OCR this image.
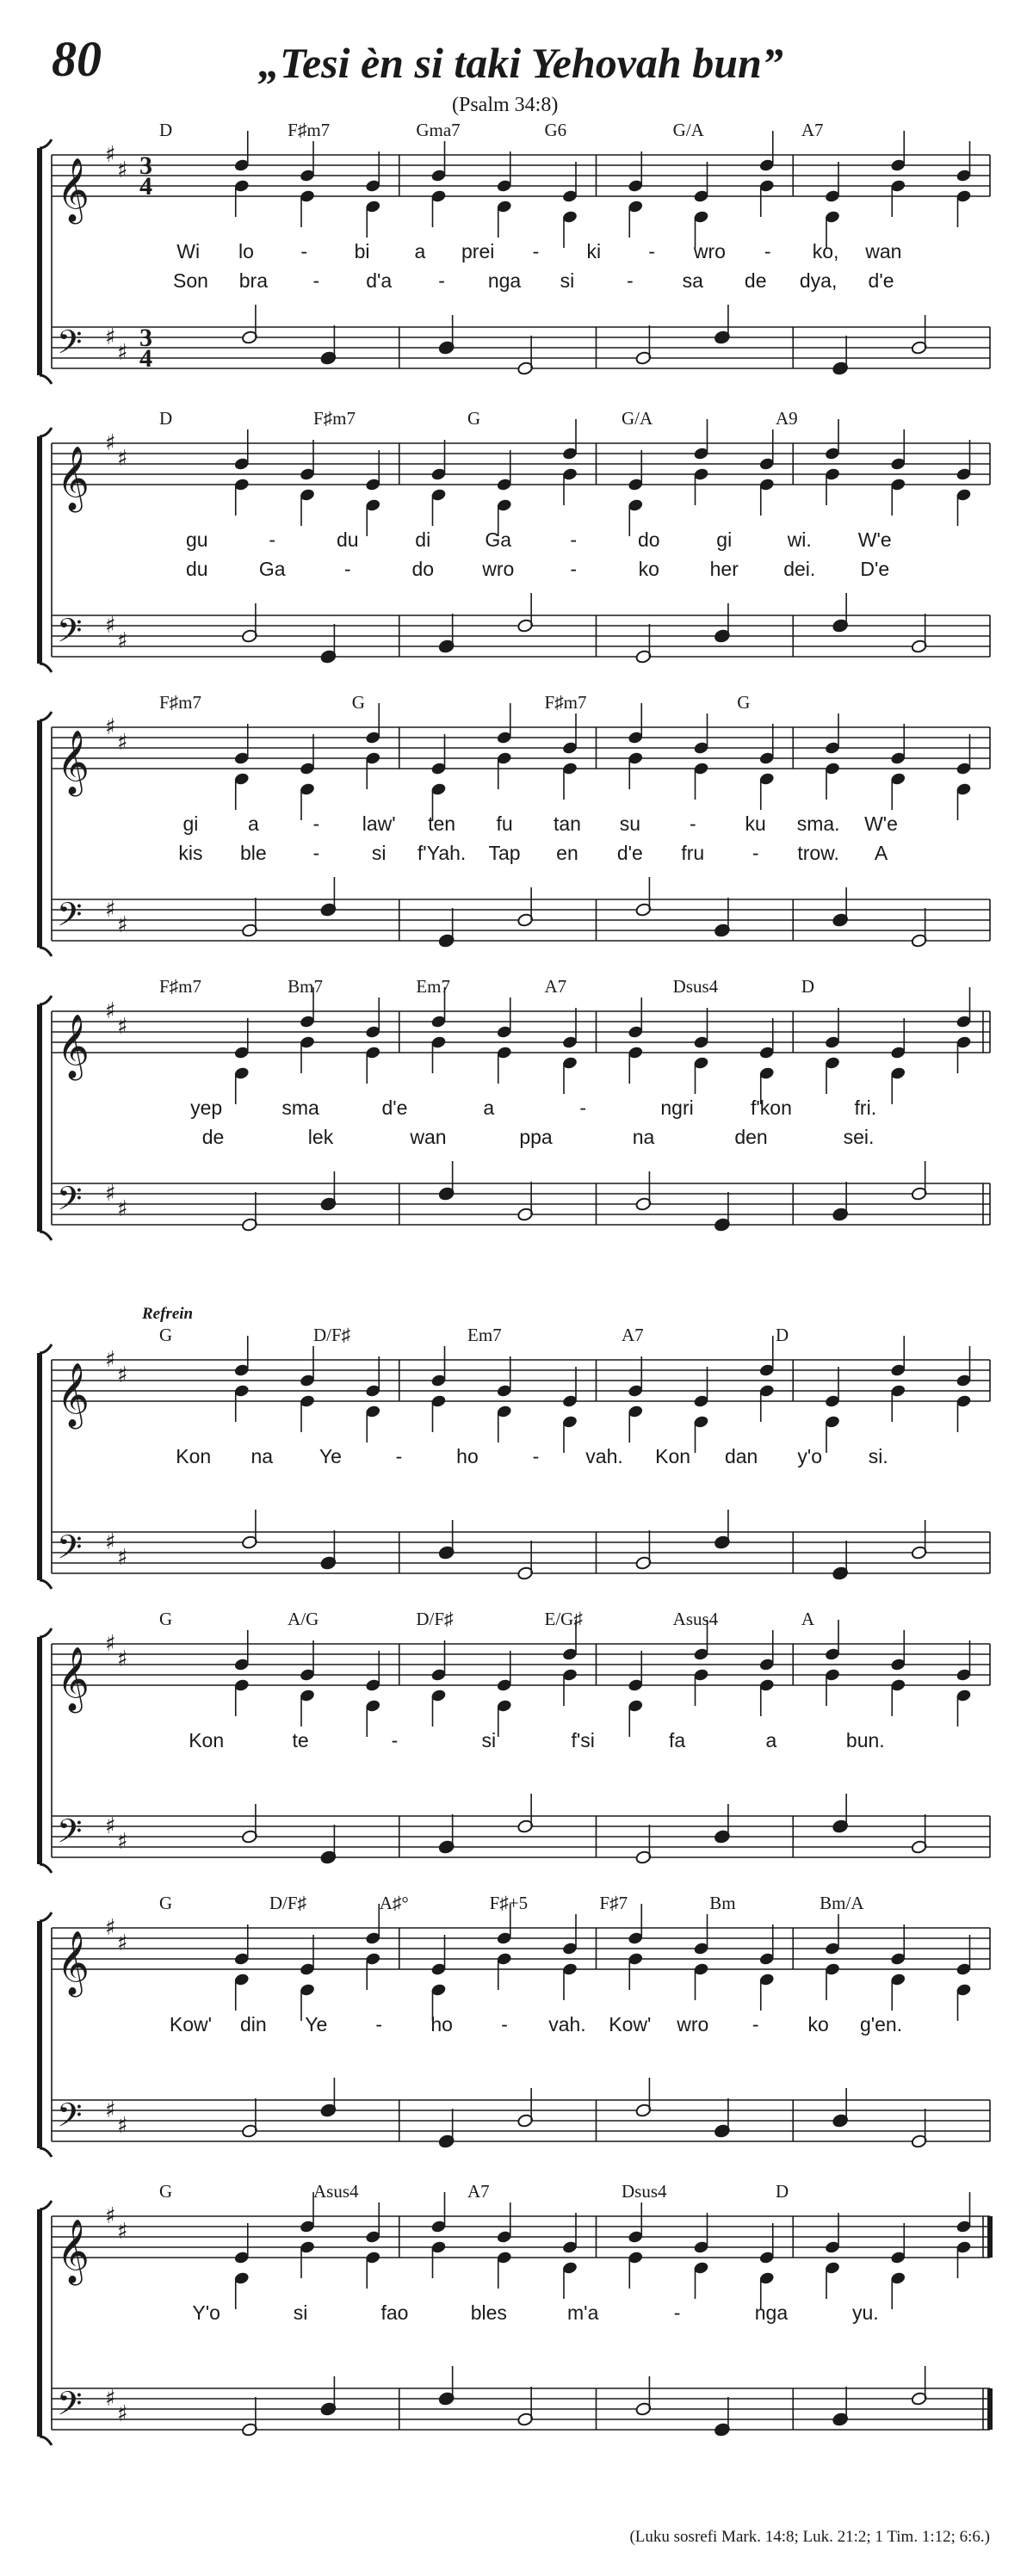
80	„Tesi èn si taki Yehovah bun”
(Psalm 34:8)
𝄞
𝄢
♯
♯
♯
♯
3
4
3
4
D	F♯m7	Gma7	G6	G/A	A7
Wi lo - bi a prei - ki - wro - ko, wan
Son bra - d'a - nga si	- sa de dya, d'e
𝄞
𝄢
♯
♯
♯
♯
D	F♯m7	G	G/A	A9
gu	-	du	di	Ga	-	do	gi	wi. W'e
du	Ga	-	do wro	-	ko	her dei. D'e
𝄞
𝄢
♯
♯
♯
♯
F♯m7	G	F♯m7	G
gi	a	- law' ten fu tan su - ku sma. W'e
kis ble -	si f'Yah. Tap en d'e fru - trow. A
𝄞
𝄢
♯
♯
♯
♯
F♯m7	Bm7	Em7	A7	Dsus4	D
yep	sma	d'e	a	-	ngri	f'kon	fri.
de	lek	wan	ppa	na	den	sei.
𝄞
𝄢
♯
♯
♯
♯
Refrein
G	D/F♯	Em7	A7	D
Kon na Ye	-	ho	- vah. Kon dan y'o si.
𝄞
𝄢
♯
♯
♯
♯
G	A/G	D/F♯	E/G♯	Asus4	A
Kon	te	-	si	f'si	fa	a	bun.
𝄞
𝄢
♯
♯
♯
♯
G	D/F♯	A♯°	F♯+5	F♯7	Bm	Bm/A
Kow' din Ye - ho - vah. Kow' wro - ko g'en.
𝄞
𝄢
♯
♯
♯
♯
G	Asus4	A7	Dsus4	D
Y'o	si	fao	bles	m'a	-	nga	yu.
(Luku sosrefi Mark. 14:8; Luk. 21:2; 1 Tim. 1:12; 6:6.)
